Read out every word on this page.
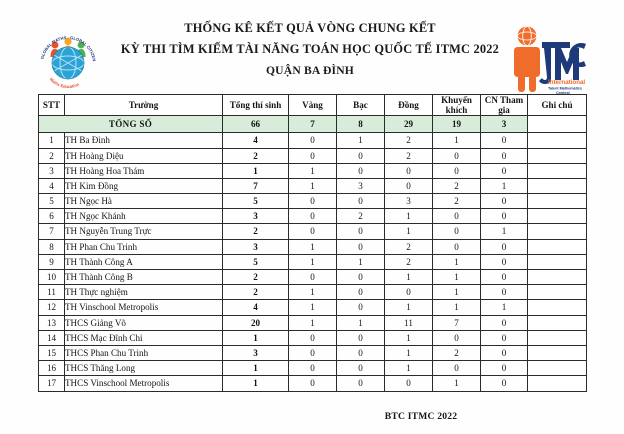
GLOBAL MATHS - GLOBAL CITIZEN
Maths Education
THỐNG KÊ KẾT QUẢ VÒNG CHUNG KẾT
KỲ THI TÌM KIẾM TÀI NĂNG TOÁN HỌC QUỐC TẾ ITMC 2022
QUẬN BA ĐÌNH
International
Talent Mathematics
Contest
STT	Trường	Tổng thí sinh	Vàng	Bạc	Đồng	Khuyến khích	CN Tham gia	Ghi chú
TỔNG SỐ		66	7	8	29	19	3	
1	TH Ba Đình	4	0	1	2	1	0	
2	TH Hoàng Diệu	2	0	0	2	0	0	
3	TH Hoàng Hoa Thám	1	1	0	0	0	0	
4	TH Kim Đồng	7	1	3	0	2	1	
5	TH Ngọc Hà	5	0	0	3	2	0	
6	TH Ngọc Khánh	3	0	2	1	0	0	
7	TH Nguyễn Trung Trực	2	0	0	1	0	1	
8	TH Phan Chu Trinh	3	1	0	2	0	0	
9	TH Thành Công A	5	1	1	2	1	0	
10	TH Thành Công B	2	0	0	1	1	0	
11	TH Thực nghiệm	2	1	0	0	1	0	
12	TH Vinschool Metropolis	4	1	0	1	1	1	
13	THCS Giảng Võ	20	1	1	11	7	0	
14	THCS Mạc Đĩnh Chi	1	0	0	1	0	0	
15	THCS Phan Chu Trinh	3	0	0	1	2	0	
16	THCS Thăng Long	1	0	0	1	0	0	
17	THCS Vinschool Metropolis	1	0	0	0	1	0	
BTC ITMC 2022
